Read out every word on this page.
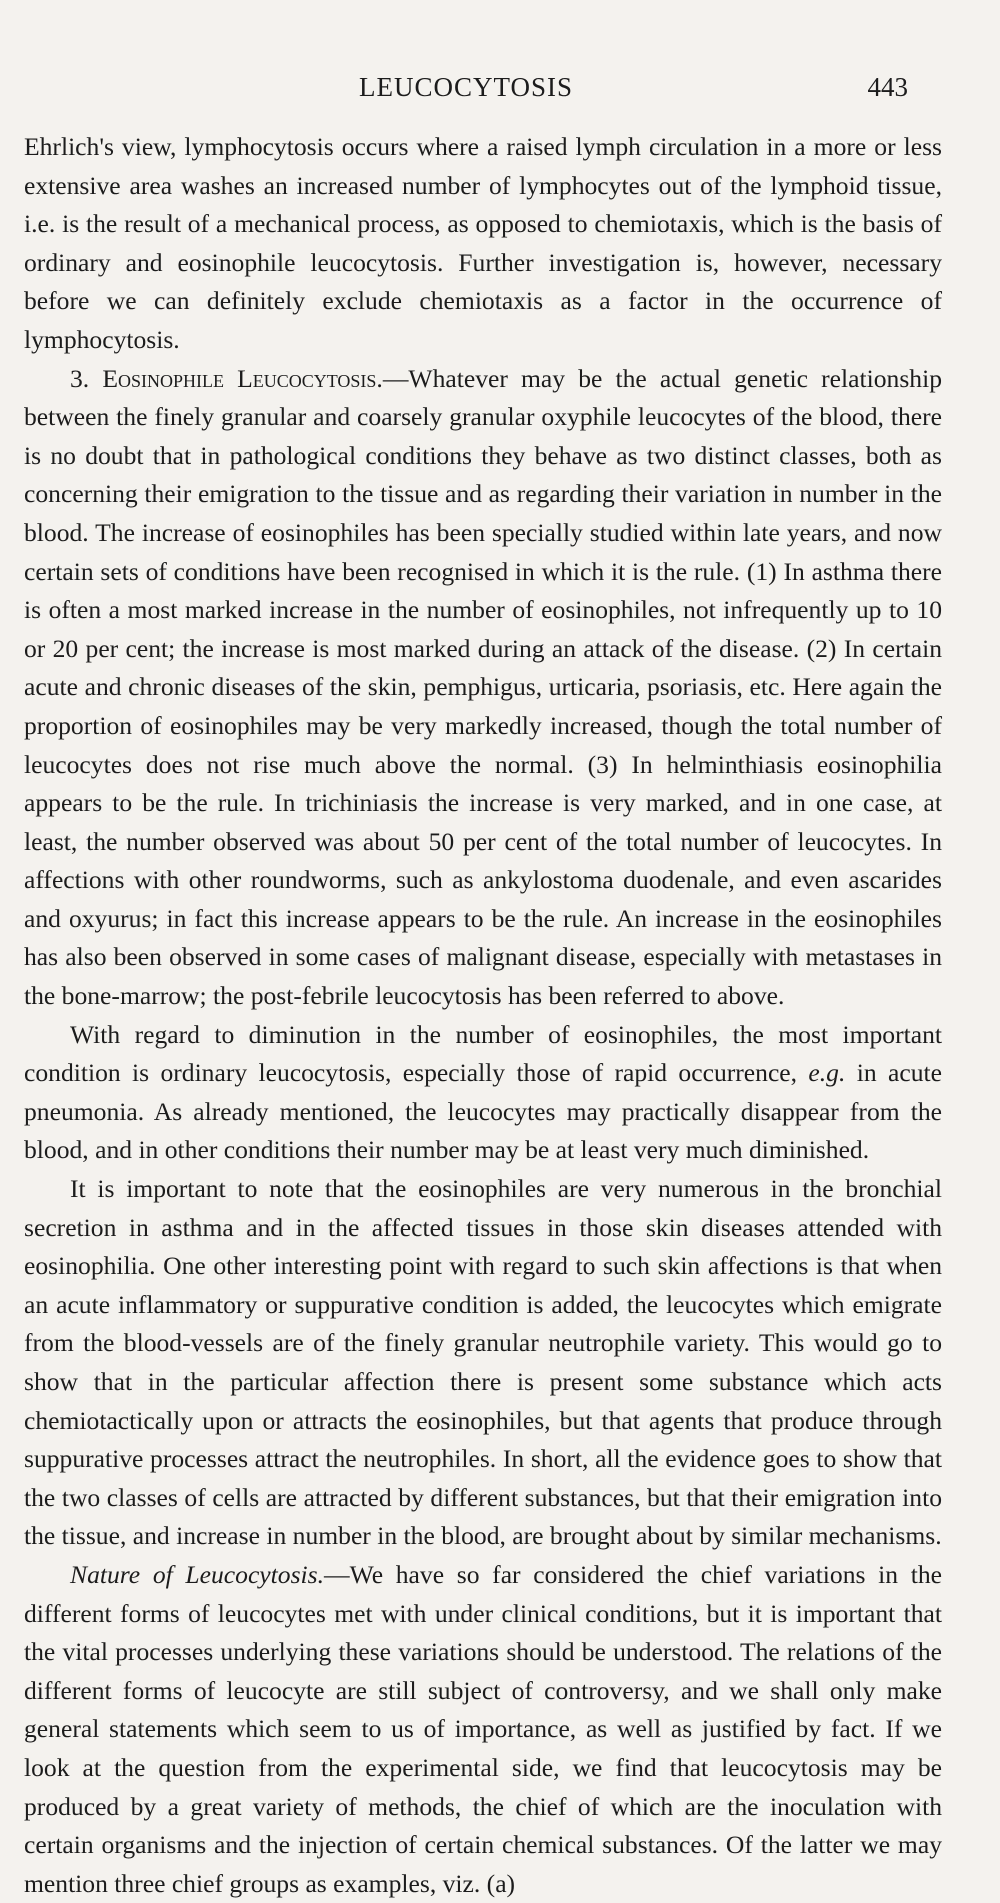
LEUCOCYTOSIS	443

Ehrlich's view, lymphocytosis occurs where a raised lymph circulation in a more or less extensive area washes an increased number of lymphocytes out of the lymphoid tissue, i.e. is the result of a mechanical process, as opposed to chemiotaxis, which is the basis of ordinary and eosinophile leucocytosis. Further investigation is, however, necessary before we can definitely exclude chemiotaxis as a factor in the occurrence of lymphocytosis.

3. Eosinophile Leucocytosis.—Whatever may be the actual genetic relationship between the finely granular and coarsely granular oxyphile leucocytes of the blood, there is no doubt that in pathological conditions they behave as two distinct classes, both as concerning their emigration to the tissue and as regarding their variation in number in the blood. The increase of eosinophiles has been specially studied within late years, and now certain sets of conditions have been recognised in which it is the rule. (1) In asthma there is often a most marked increase in the number of eosinophiles, not infrequently up to 10 or 20 per cent; the increase is most marked during an attack of the disease. (2) In certain acute and chronic diseases of the skin, pemphigus, urticaria, psoriasis, etc. Here again the proportion of eosinophiles may be very markedly increased, though the total number of leucocytes does not rise much above the normal. (3) In helminthiasis eosinophilia appears to be the rule. In trichiniasis the increase is very marked, and in one case, at least, the number observed was about 50 per cent of the total number of leucocytes. In affections with other roundworms, such as ankylostoma duodenale, and even ascarides and oxyurus; in fact this increase appears to be the rule. An increase in the eosinophiles has also been observed in some cases of malignant disease, especially with metastases in the bone-marrow; the post-febrile leucocytosis has been referred to above.

With regard to diminution in the number of eosinophiles, the most important condition is ordinary leucocytosis, especially those of rapid occurrence, e.g. in acute pneumonia. As already mentioned, the leucocytes may practically disappear from the blood, and in other conditions their number may be at least very much diminished.

It is important to note that the eosinophiles are very numerous in the bronchial secretion in asthma and in the affected tissues in those skin diseases attended with eosinophilia. One other interesting point with regard to such skin affections is that when an acute inflammatory or suppurative condition is added, the leucocytes which emigrate from the blood-vessels are of the finely granular neutrophile variety. This would go to show that in the particular affection there is present some substance which acts chemiotactically upon or attracts the eosinophiles, but that agents that produce through suppurative processes attract the neutrophiles. In short, all the evidence goes to show that the two classes of cells are attracted by different substances, but that their emigration into the tissue, and increase in number in the blood, are brought about by similar mechanisms.

Nature of Leucocytosis.—We have so far considered the chief variations in the different forms of leucocytes met with under clinical conditions, but it is important that the vital processes underlying these variations should be understood. The relations of the different forms of leucocyte are still subject of controversy, and we shall only make general statements which seem to us of importance, as well as justified by fact. If we look at the question from the experimental side, we find that leucocytosis may be produced by a great variety of methods, the chief of which are the inoculation with certain organisms and the injection of certain chemical substances. Of the latter we may mention three chief groups as examples, viz. (a)
